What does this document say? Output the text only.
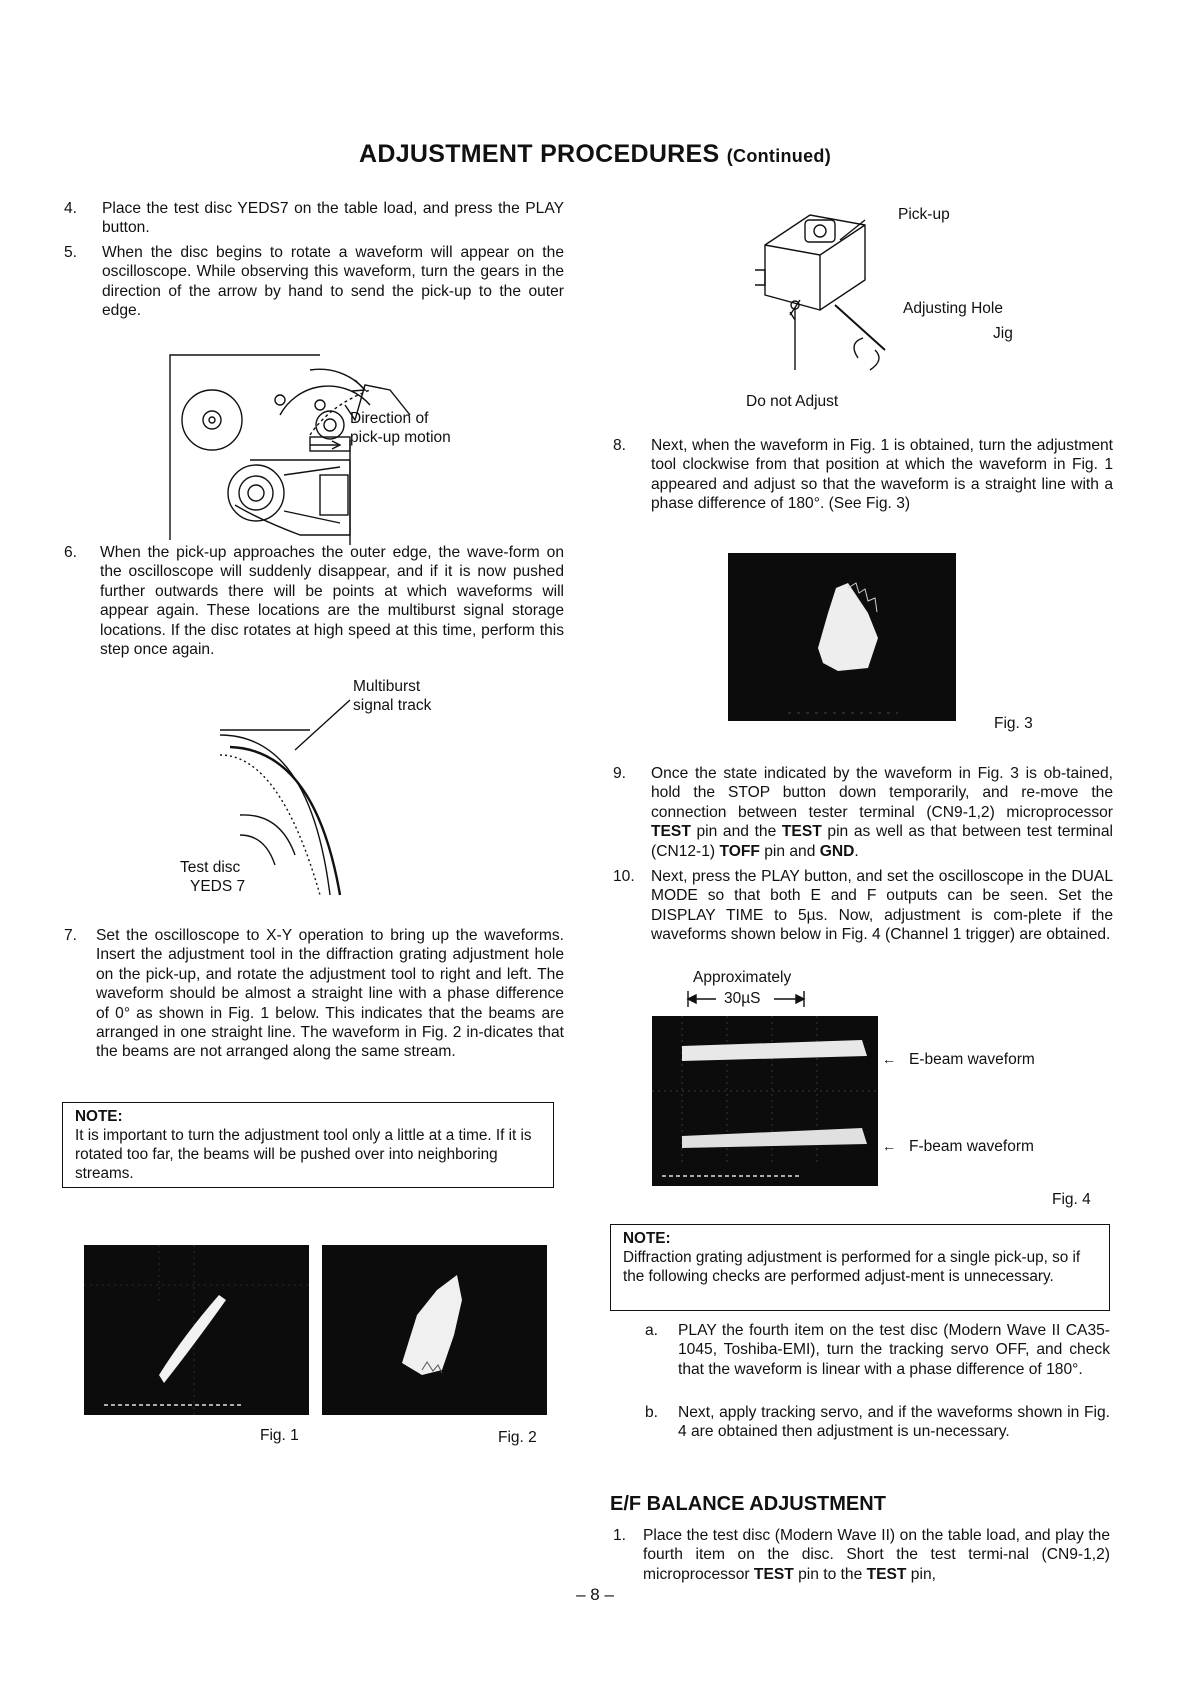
ADJUSTMENT PROCEDURES (Continued)
4. Place the test disc YEDS7 on the table load, and press the PLAY button.
5. When the disc begins to rotate a waveform will appear on the oscilloscope. While observing this waveform, turn the gears in the direction of the arrow by hand to send the pick-up to the outer edge.
Direction of
pick-up motion
6. When the pick-up approaches the outer edge, the wave-form on the oscilloscope will suddenly disappear, and if it is now pushed further outwards there will be points at which waveforms will appear again. These locations are the multiburst signal storage locations. If the disc rotates at high speed at this time, perform this step once again.
Multiburst
signal track
Test disc
YEDS 7
7. Set the oscilloscope to X-Y operation to bring up the waveforms. Insert the adjustment tool in the diffraction grating adjustment hole on the pick-up, and rotate the adjustment tool to right and left. The waveform should be almost a straight line with a phase difference of 0° as shown in Fig. 1 below. This indicates that the beams are arranged in one straight line. The waveform in Fig. 2 in-dicates that the beams are not arranged along the same stream.
NOTE:
It is important to turn the adjustment tool only a little at a time. If it is rotated too far, the beams will be pushed over into neighboring streams.
Fig. 1	Fig. 2
Pick-up
Adjusting Hole
Jig
Do not Adjust
8. Next, when the waveform in Fig. 1 is obtained, turn the adjustment tool clockwise from that position at which the waveform in Fig. 1 appeared and adjust so that the waveform is a straight line with a phase difference of 180°. (See Fig. 3)
Fig. 3
9. Once the state indicated by the waveform in Fig. 3 is ob-tained, hold the STOP button down temporarily, and re-move the connection between tester terminal (CN9-1,2) microprocessor TEST pin and the TEST pin as well as that between test terminal (CN12-1) TOFF pin and GND.
10. Next, press the PLAY button, and set the oscilloscope in the DUAL MODE so that both E and F outputs can be seen. Set the DISPLAY TIME to 5µs. Now, adjustment is com-plete if the waveforms shown below in Fig. 4 (Channel 1 trigger) are obtained.
Approximately
30µS
← E-beam waveform
← F-beam waveform
Fig. 4
NOTE:
Diffraction grating adjustment is performed for a single pick-up, so if the following checks are performed adjust-ment is unnecessary.
a. PLAY the fourth item on the test disc (Modern Wave II CA35-1045, Toshiba-EMI), turn the tracking servo OFF, and check that the waveform is linear with a phase difference of 180°.
b. Next, apply tracking servo, and if the waveforms shown in Fig. 4 are obtained then adjustment is un-necessary.
E/F BALANCE ADJUSTMENT
1. Place the test disc (Modern Wave II) on the table load, and play the fourth item on the disc. Short the test termi-nal (CN9-1,2) microprocessor TEST pin to the TEST pin,
– 8 –
